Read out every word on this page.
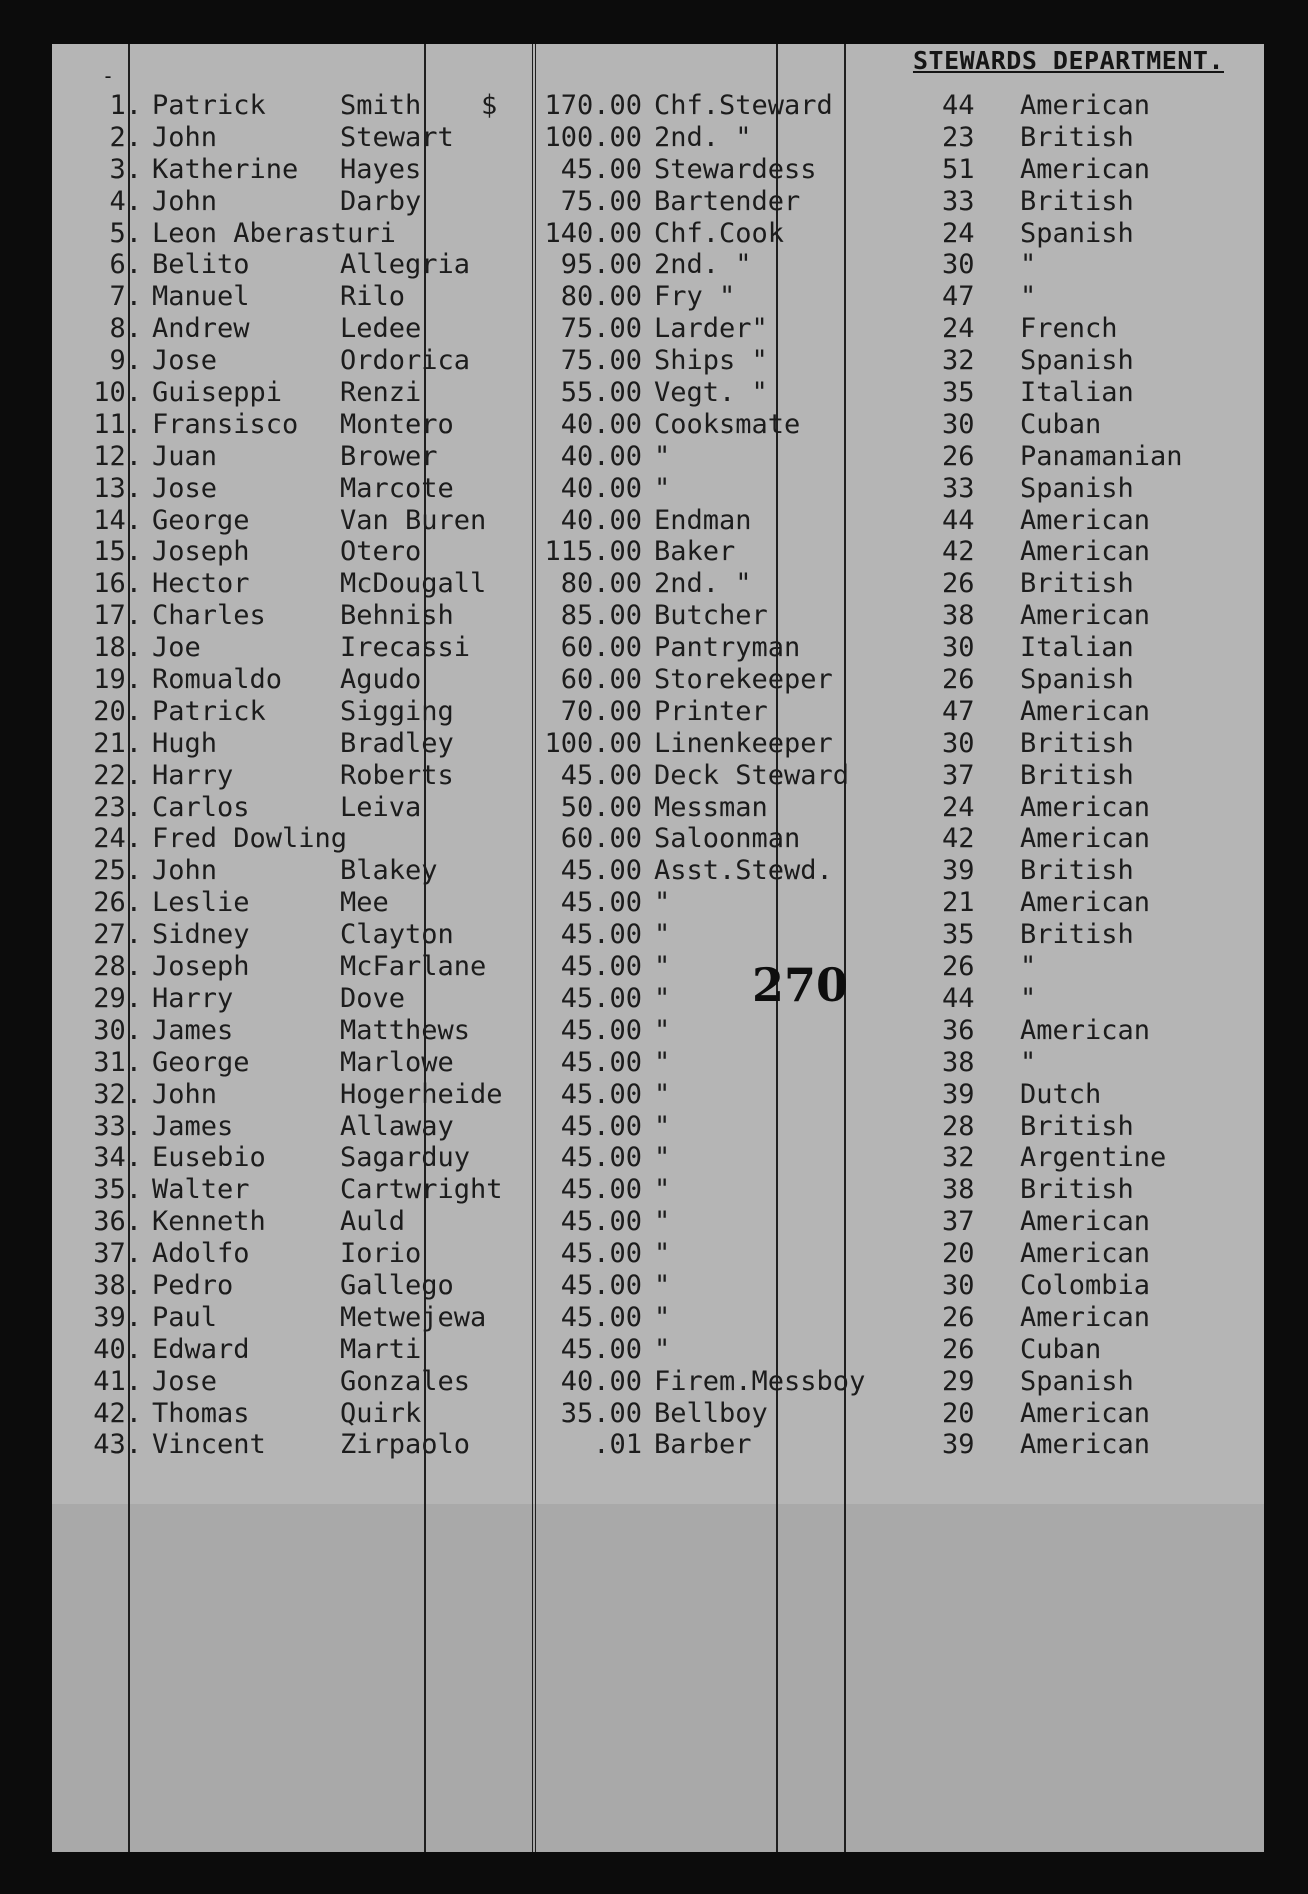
-
STEWARDS DEPARTMENT.
1. Patrick	Smith	170.00 Chf.Steward	44 American
$
2. John	Stewart	100.00 2nd. "	23 British
3. Katherine Hayes	45.00 Stewardess	51 American
4. John	Darby	75.00 Bartender	33 British
5. Leon Aberasturi	140.00 Chf.Cook	24 Spanish
6. Belito	Allegria	95.00 2nd. "	30 "
7. Manuel	Rilo	80.00 Fry "	47 "
8. Andrew	Ledee	75.00 Larder"	24 French
9. Jose	Ordorica	75.00 Ships "	32 Spanish
10. Guiseppi Renzi	55.00 Vegt. "	35 Italian
11. Fransisco Montero	40.00 Cooksmate	30 Cuban
12. Juan	Brower	40.00 "	26 Panamanian
13. Jose	Marcote	40.00 "	33 Spanish
14. George	Van Buren	40.00 Endman	44 American
15. Joseph	Otero	115.00 Baker	42 American
16. Hector	McDougall	80.00 2nd. "	26 British
17. Charles	Behnish	85.00 Butcher	38 American
18. Joe	Irecassi	60.00 Pantryman	30 Italian
19. Romualdo Agudo	60.00 Storekeeper	26 Spanish
20. Patrick	Sigging	70.00 Printer	47 American
21. Hugh	Bradley	100.00 Linenkeeper	30 British
22. Harry	Roberts	45.00 Deck Steward	37 British
23. Carlos	Leiva	50.00 Messman	24 American
24. Fred Dowling	60.00 Saloonman	42 American
25. John	Blakey	45.00 Asst.Stewd.	39 British
26. Leslie	Mee	45.00 "	21 American
27. Sidney	Clayton	45.00 "	35 British
28. Joseph	McFarlane	45.00 "	26 "
29. Harry	Dove	45.00 "	44 "
30. James	Matthews	45.00 "	36 American
31. George	Marlowe	45.00 "	38 "
32. John	Hogerheide	45.00 "	39 Dutch
33. James	Allaway	45.00 "	28 British
34. Eusebio	Sagarduy	45.00 "	32 Argentine
35. Walter	Cartwright	45.00 "	38 British
36. Kenneth	Auld	45.00 "	37 American
37. Adolfo	Iorio	45.00 "	20 American
38. Pedro	Gallego	45.00 "	30 Colombia
39. Paul	Metwejewa	45.00 "	26 American
40. Edward	Marti	45.00 "	26 Cuban
41. Jose	Gonzales	40.00 Firem.Messboy	29 Spanish
42. Thomas	Quirk	35.00 Bellboy	20 American
43. Vincent	Zirpaolo	.01 Barber	39 American
270
